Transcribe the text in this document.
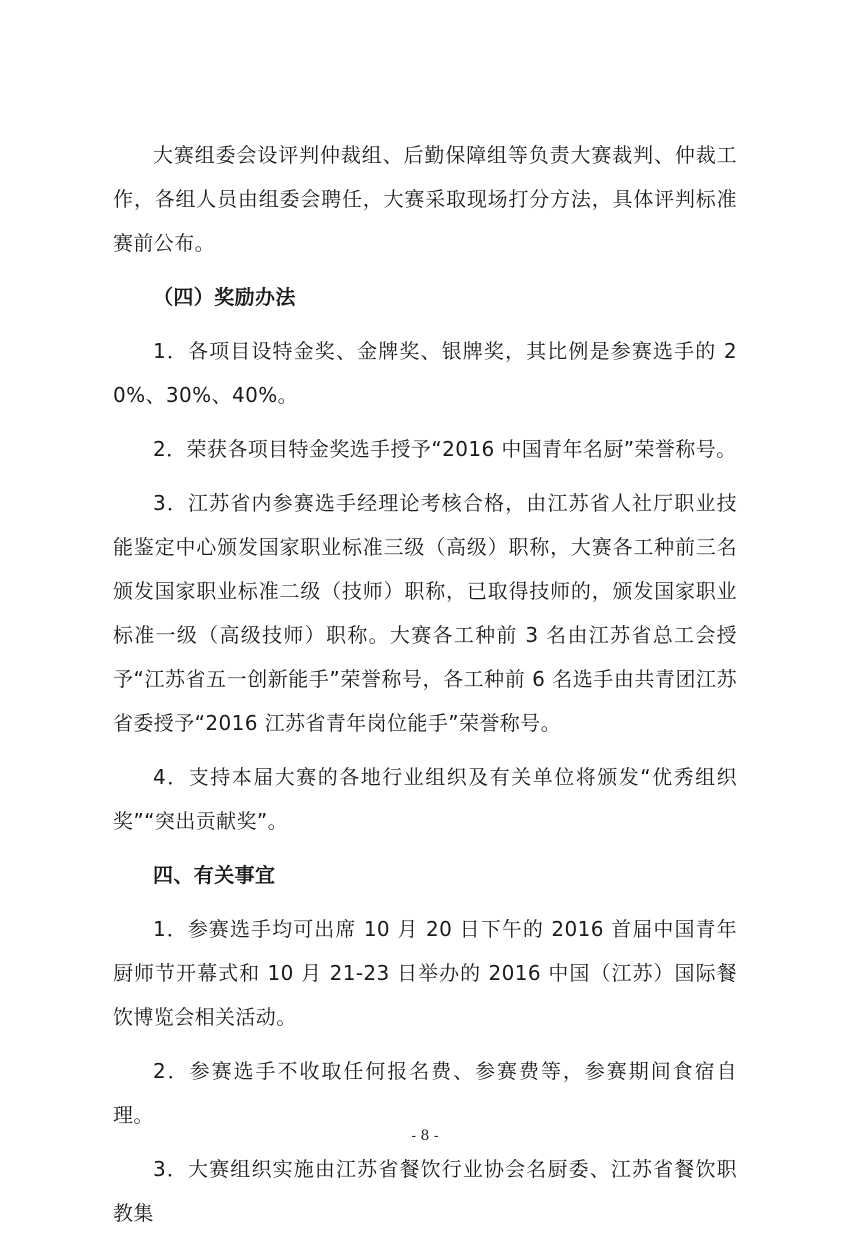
大赛组委会设评判仲裁组、后勤保障组等负责大赛裁判、仲裁工作，各组人员由组委会聘任，大赛采取现场打分方法，具体评判标准赛前公布。

（四）奖励办法

1．各项目设特金奖、金牌奖、银牌奖，其比例是参赛选手的 20%、30%、40%。

2．荣获各项目特金奖选手授予“2016 中国青年名厨”荣誉称号。

3．江苏省内参赛选手经理论考核合格，由江苏省人社厅职业技能鉴定中心颁发国家职业标准三级（高级）职称，大赛各工种前三名颁发国家职业标准二级（技师）职称，已取得技师的，颁发国家职业标准一级（高级技师）职称。大赛各工种前 3 名由江苏省总工会授予“江苏省五一创新能手”荣誉称号，各工种前 6 名选手由共青团江苏省委授予“2016 江苏省青年岗位能手”荣誉称号。

4．支持本届大赛的各地行业组织及有关单位将颁发“优秀组织奖”“突出贡献奖”。

四、有关事宜

1．参赛选手均可出席 10 月 20 日下午的 2016 首届中国青年厨师节开幕式和 10 月 21-23 日举办的 2016 中国（江苏）国际餐饮博览会相关活动。

2．参赛选手不收取任何报名费、参赛费等，参赛期间食宿自理。

3．大赛组织实施由江苏省餐饮行业协会名厨委、江苏省餐饮职教集

- 8 -
